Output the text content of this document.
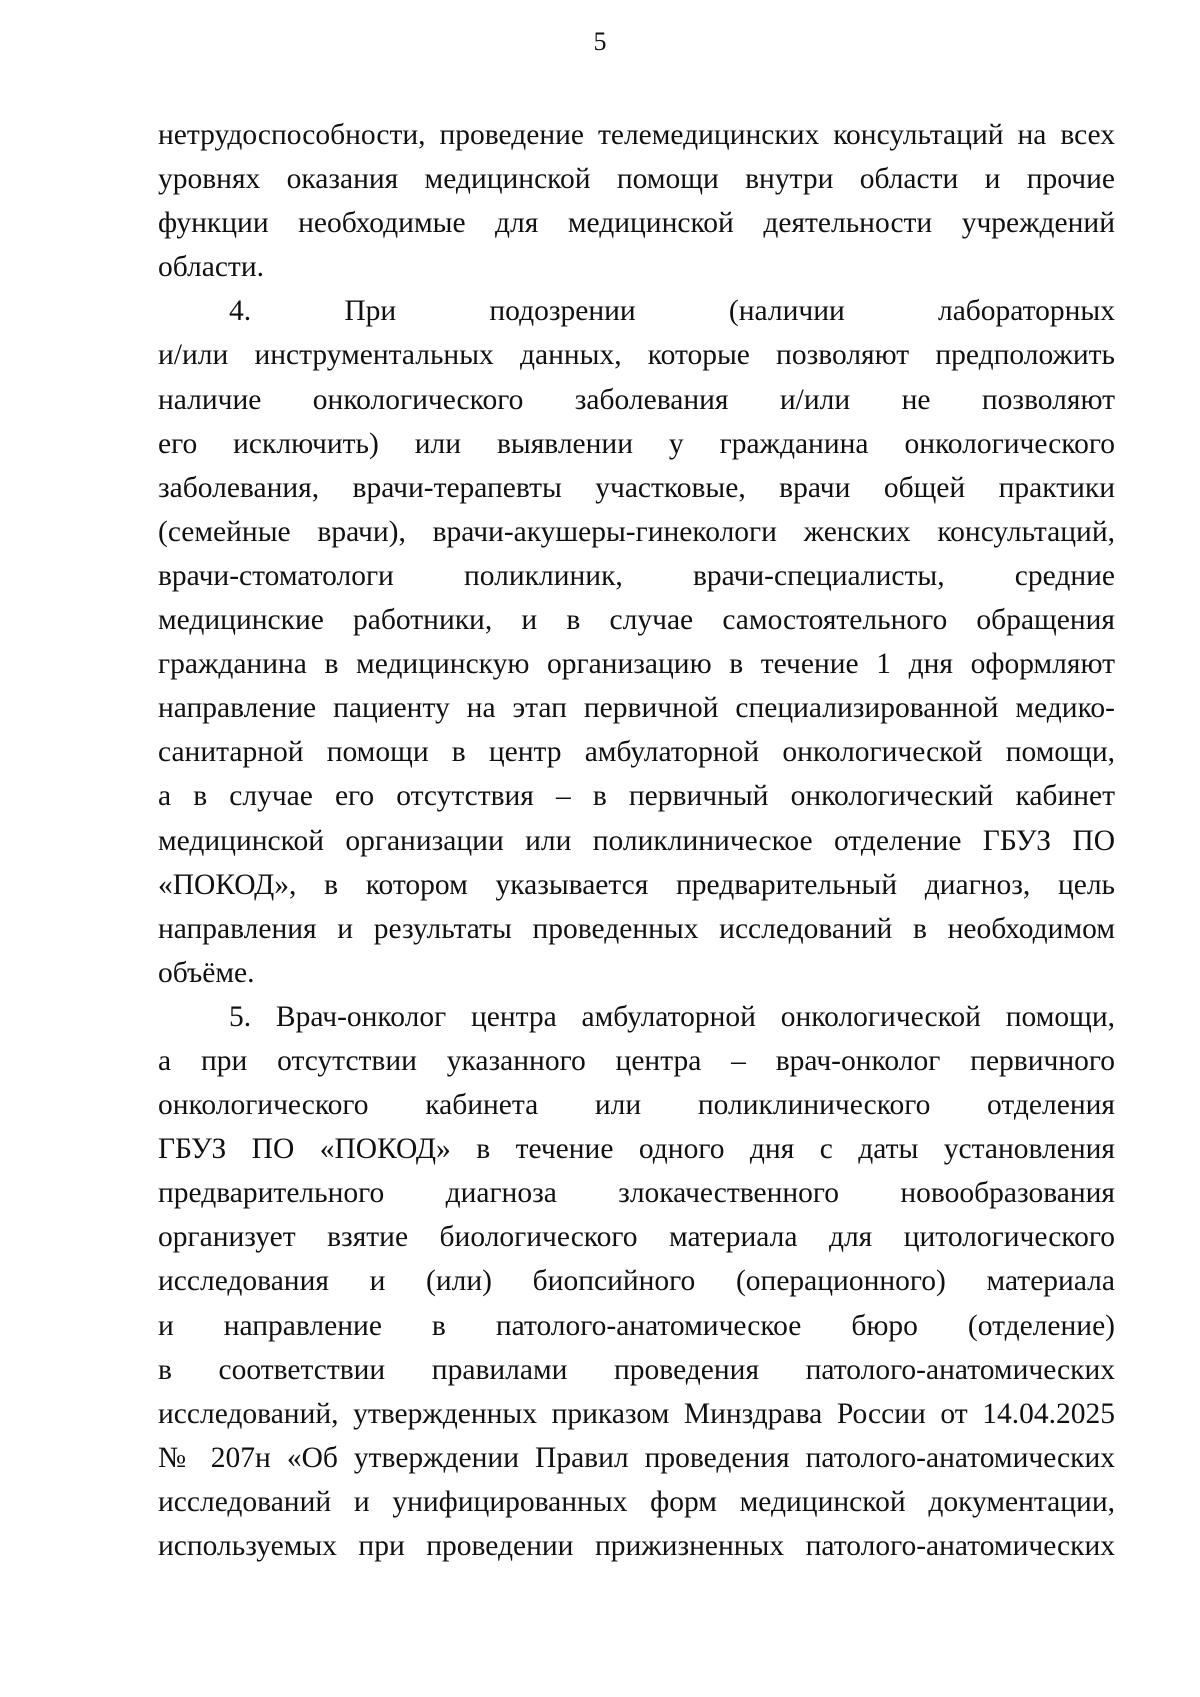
5
нетрудоспособности, проведение телемедицинских консультаций на всех
уровнях оказания медицинской помощи внутри области и прочие
функции необходимые для медицинской деятельности учреждений
области.
4. При подозрении (наличии лабораторных
и/или инструментальных данных, которые позволяют предположить
наличие онкологического заболевания и/или не позволяют
его исключить) или выявлении у гражданина онкологического
заболевания, врачи-терапевты участковые, врачи общей практики
(семейные врачи), врачи-акушеры-гинекологи женских консультаций,
врачи-стоматологи поликлиник, врачи-специалисты, средние
медицинские работники, и в случае самостоятельного обращения
гражданина в медицинскую организацию в течение 1 дня оформляют
направление пациенту на этап первичной специализированной медико-
санитарной помощи в центр амбулаторной онкологической помощи,
а в случае его отсутствия – в первичный онкологический кабинет
медицинской организации или поликлиническое отделение ГБУЗ ПО
«ПОКОД», в котором указывается предварительный диагноз, цель
направления и результаты проведенных исследований в необходимом
объёме.
5. Врач-онколог центра амбулаторной онкологической помощи,
а при отсутствии указанного центра – врач-онколог первичного
онкологического кабинета или поликлинического отделения
ГБУЗ ПО «ПОКОД» в течение одного дня с даты установления
предварительного диагноза злокачественного новообразования
организует взятие биологического материала для цитологического
исследования и (или) биопсийного (операционного) материала
и направление в патолого-анатомическое бюро (отделение)
в соответствии правилами проведения патолого-анатомических
исследований, утвержденных приказом Минздрава России от 14.04.2025
№ 207н «Об утверждении Правил проведения патолого-анатомических
исследований и унифицированных форм медицинской документации,
используемых при проведении прижизненных патолого-анатомических
